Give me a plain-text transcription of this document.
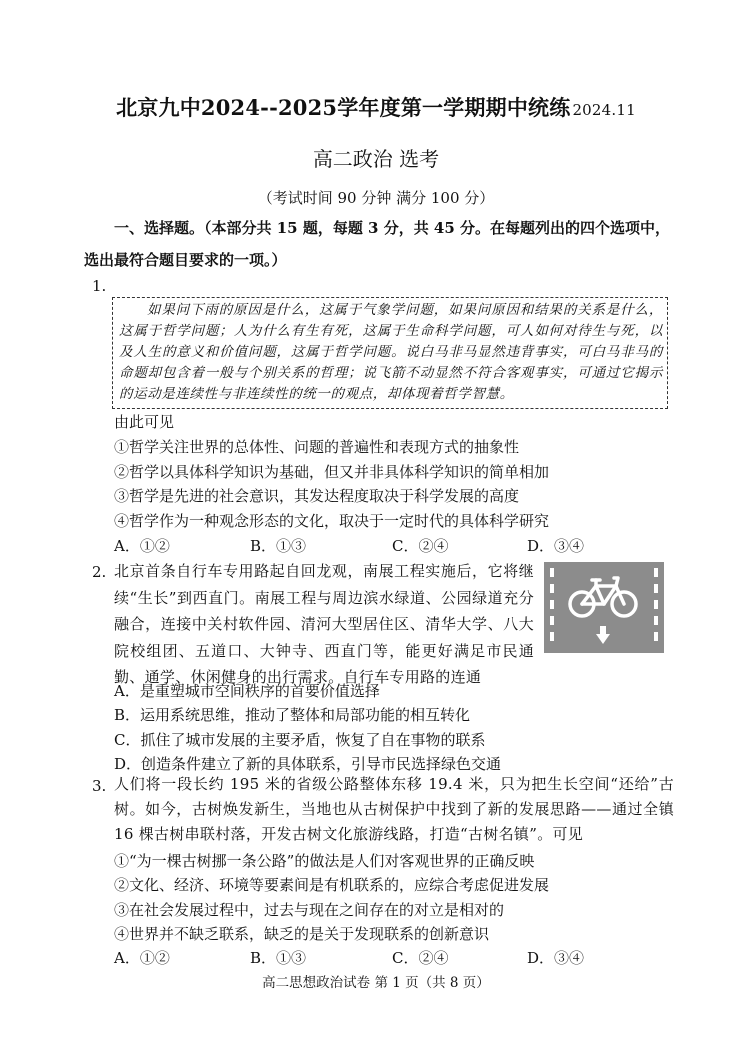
北京九中2024--2025学年度第一学期期中统练 2024.11
高二政治 选考
（考试时间 90 分钟 满分 100 分）
一、选择题。（本部分共 15 题，每题 3 分，共 45 分。在每题列出的四个选项中，选出最符合题目要求的一项。）
1.
如果问下雨的原因是什么，这属于气象学问题，如果问原因和结果的关系是什么，这属于哲学问题；人为什么有生有死，这属于生命科学问题，可人如何对待生与死，以及人生的意义和价值问题，这属于哲学问题。说白马非马显然违背事实，可白马非马的命题却包含着一般与个别关系的哲理；说飞箭不动显然不符合客观事实，可通过它揭示的运动是连续性与非连续性的统一的观点，却体现着哲学智慧。
由此可见
①哲学关注世界的总体性、问题的普遍性和表现方式的抽象性
②哲学以具体科学知识为基础，但又并非具体科学知识的简单相加
③哲学是先进的社会意识，其发达程度取决于科学发展的高度
④哲学作为一种观念形态的文化，取决于一定时代的具体科学研究
A．①②	B．①③	C．②④	D．③④
2. 北京首条自行车专用路起自回龙观，南展工程实施后，它将继续“生长”到西直门。南展工程与周边滨水绿道、公园绿道充分融合，连接中关村软件园、清河大型居住区、清华大学、八大院校组团、五道口、大钟寺、西直门等，能更好满足市民通勤、通学、休闲健身的出行需求。自行车专用路的连通
A．是重塑城市空间秩序的首要价值选择
B．运用系统思维，推动了整体和局部功能的相互转化
C．抓住了城市发展的主要矛盾，恢复了自在事物的联系
D．创造条件建立了新的具体联系，引导市民选择绿色交通
3. 人们将一段长约 195 米的省级公路整体东移 19.4 米，只为把生长空间“还给”古树。如今，古树焕发新生，当地也从古树保护中找到了新的发展思路——通过全镇 16 棵古树串联村落，开发古树文化旅游线路，打造“古树名镇”。可见
①“为一棵古树挪一条公路”的做法是人们对客观世界的正确反映
②文化、经济、环境等要素间是有机联系的，应综合考虑促进发展
③在社会发展过程中，过去与现在之间存在的对立是相对的
④世界并不缺乏联系，缺乏的是关于发现联系的创新意识
A．①②	B．①③	C．②④	D．③④
高二思想政治试卷 第 1 页（共 8 页）
